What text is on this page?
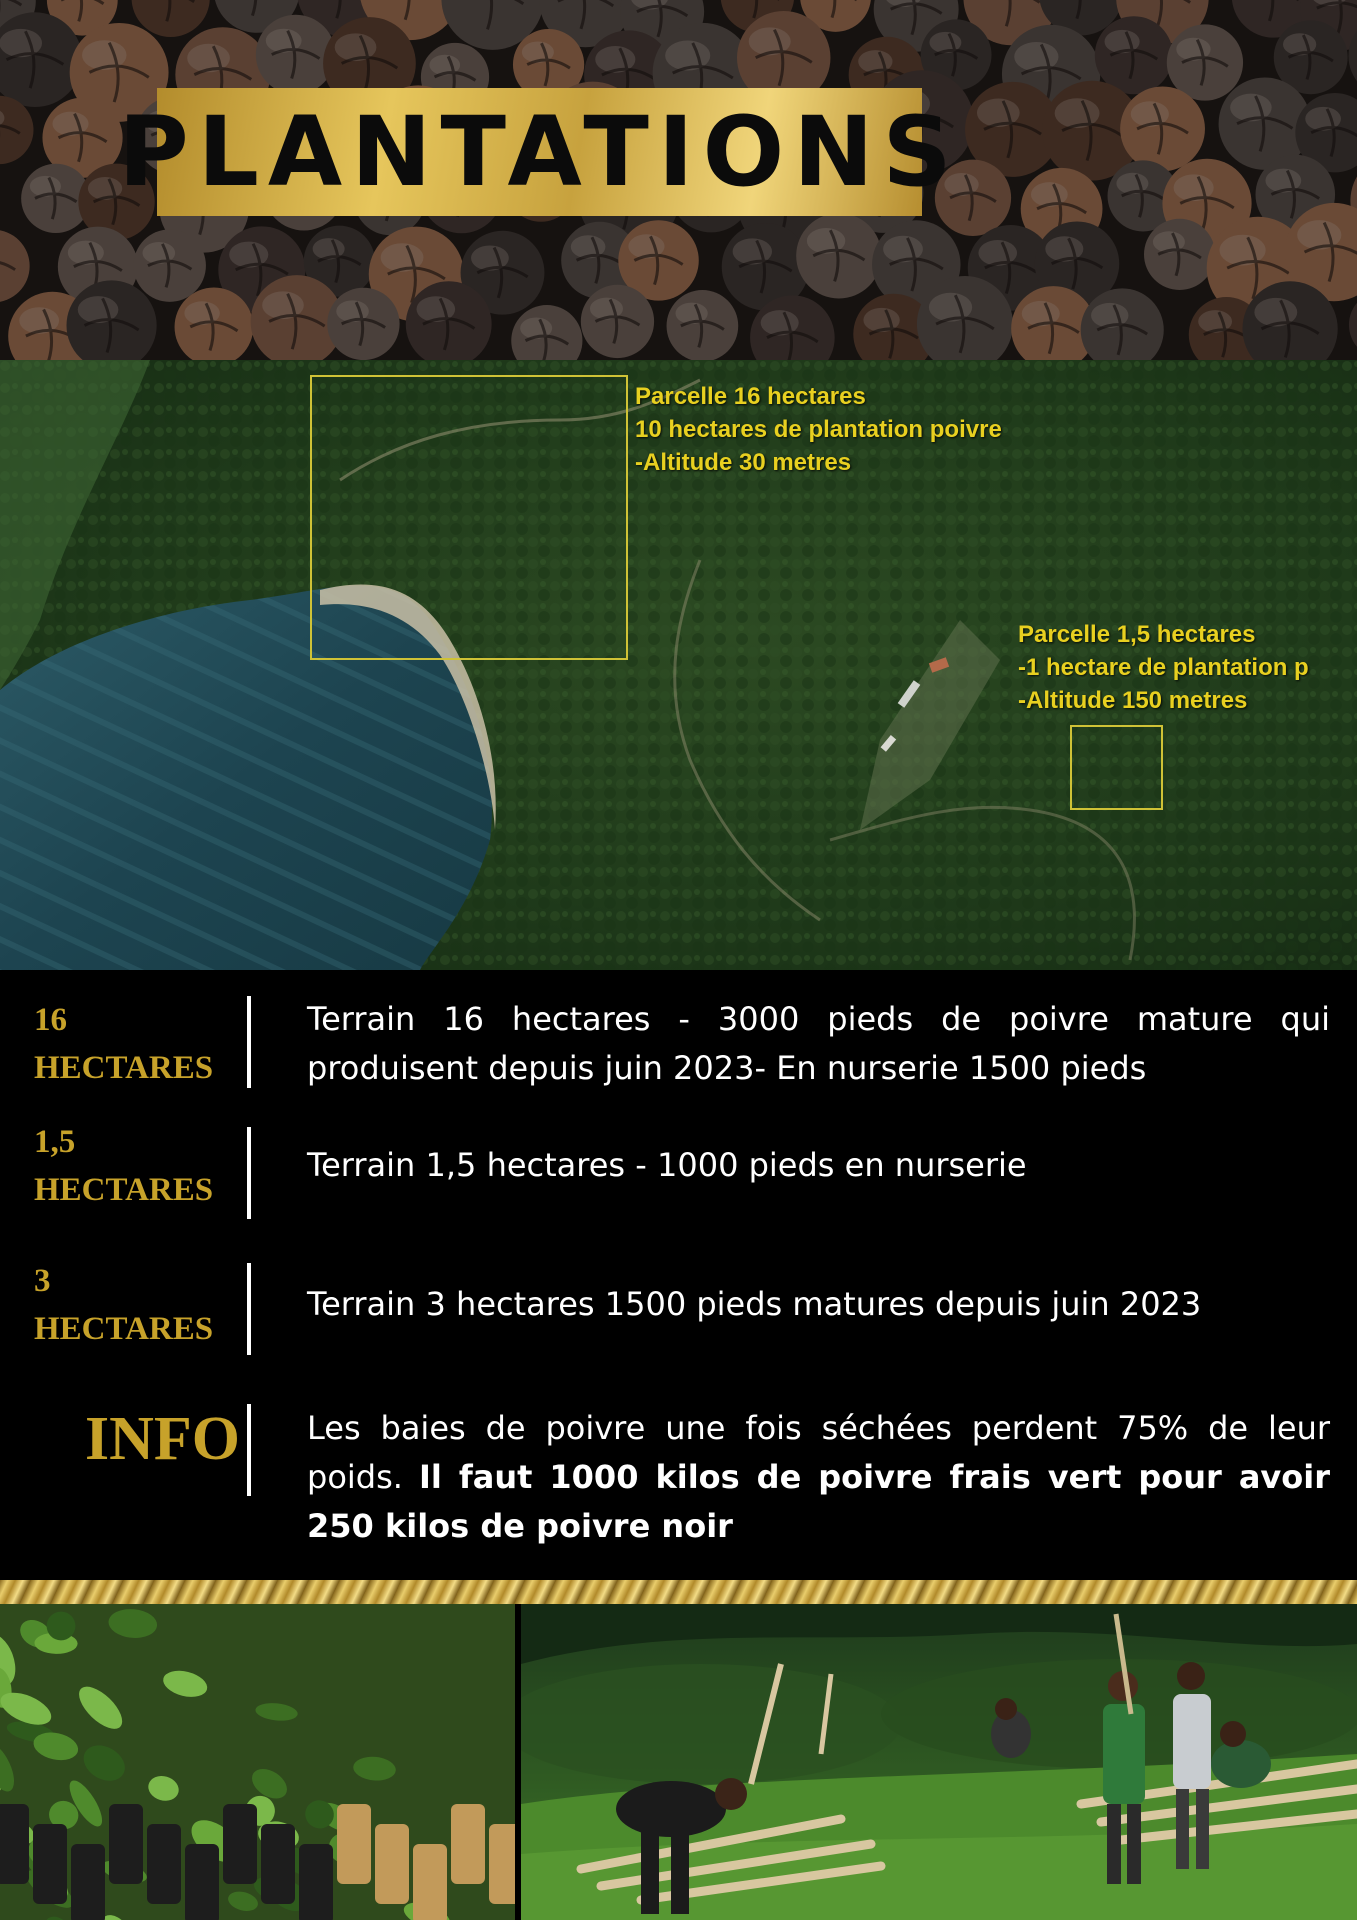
PLANTATIONS
Parcelle 16 hectares
10 hectares de plantation poivre
-Altitude 30 metres
Parcelle 1,5 hectares
-1 hectare de plantation p
-Altitude 150 metres
16
HECTARES
Terrain 16 hectares - 3000 pieds de poivre mature qui produisent depuis juin 2023- En nurserie 1500 pieds
1,5
HECTARES
Terrain 1,5 hectares - 1000 pieds en nurserie
3
HECTARES
Terrain 3 hectares 1500 pieds matures depuis juin 2023
INFO Les baies de poivre une fois séchées perdent 75% de leur poids. Il faut 1000 kilos de poivre frais vert pour avoir 250 kilos de poivre noir
